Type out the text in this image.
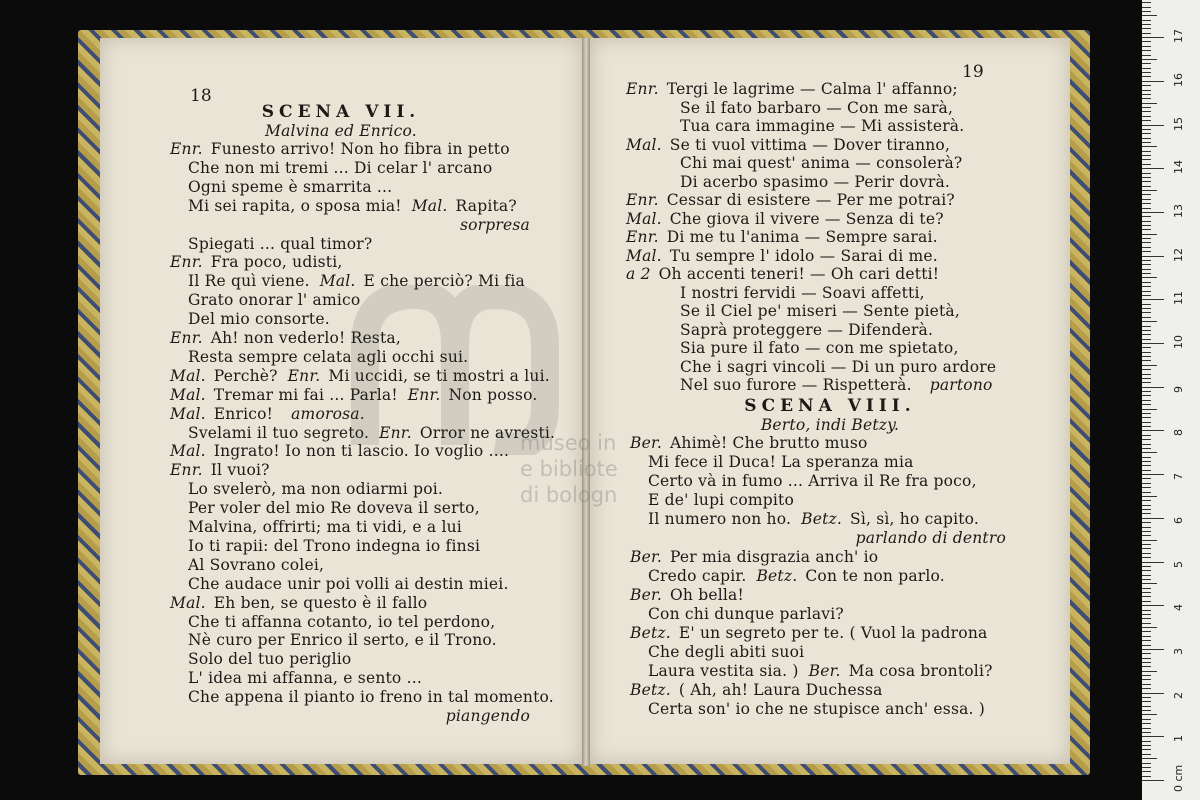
18
SCENA VII.
Malvina ed Enrico.
Enr. Funesto arrivo! Non ho fibra in petto
Che non mi tremi ... Di celar l' arcano
Ogni speme è smarrita ...
Mi sei rapita, o sposa mia! Mal. Rapita?
sorpresa
Spiegati ... qual timor?
Enr. Fra poco, udisti,
Il Re quì viene. Mal. E che perciò? Mi fia
Grato onorar l' amico
Del mio consorte.
Enr. Ah! non vederlo! Resta,
Resta sempre celata agli occhi sui.
Mal. Perchè? Enr. Mi uccidi, se ti mostri a lui.
Mal. Tremar mi fai ... Parla! Enr. Non posso.
Mal. Enrico! amorosa.
Svelami il tuo segreto. Enr. Orror ne avresti.
Mal. Ingrato! Io non ti lascio. Io voglio ....
Enr. Il vuoi?
Lo svelerò, ma non odiarmi poi.
Per voler del mio Re doveva il serto,
Malvina, offrirti; ma ti vidi, e a lui
Io ti rapii: del Trono indegna io finsi
Al Sovrano colei,
Che audace unir poi volli ai destin miei.
Mal. Eh ben, se questo è il fallo
Che ti affanna cotanto, io tel perdono,
Nè curo per Enrico il serto, e il Trono.
Solo del tuo periglio
L' idea mi affanna, e sento ...
Che appena il pianto io freno in tal momento.
piangendo
19
Enr. Tergi le lagrime — Calma l' affanno;
Se il fato barbaro — Con me sarà,
Tua cara immagine — Mi assisterà.
Mal. Se ti vuol vittima — Dover tiranno,
Chi mai quest' anima — consolerà?
Di acerbo spasimo — Perir dovrà.
Enr. Cessar di esistere — Per me potrai?
Mal. Che giova il vivere — Senza di te?
Enr. Di me tu l'anima — Sempre sarai.
Mal. Tu sempre l' idolo — Sarai di me.
a 2 Oh accenti teneri! — Oh cari detti!
I nostri fervidi — Soavi affetti,
Se il Ciel pe' miseri — Sente pietà,
Saprà proteggere — Difenderà.
Sia pure il fato — con me spietato,
Che i sagri vincoli — Di un puro ardore
Nel suo furore — Rispetterà. partono
SCENA VIII.
Berto, indi Betzy.
Ber. Ahimè! Che brutto muso
Mi fece il Duca! La speranza mia
Certo và in fumo ... Arriva il Re fra poco,
E de' lupi compito
Il numero non ho. Betz. Sì, sì, ho capito.
parlando di dentro
Ber. Per mia disgrazia anch' io
Credo capir. Betz. Con te non parlo.
Ber. Oh bella!
Con chi dunque parlavi?
Betz. E' un segreto per te. ( Vuol la padrona
Che degli abiti suoi
Laura vestita sia. ) Ber. Ma cosa brontoli?
Betz. ( Ah, ah! Laura Duchessa
Certa son' io che ne stupisce anch' essa. )
museo in
e bibliote
di bologn
0 cm
1
2
3
4
5
6
7
8
9
10
11
12
13
14
15
16
17
